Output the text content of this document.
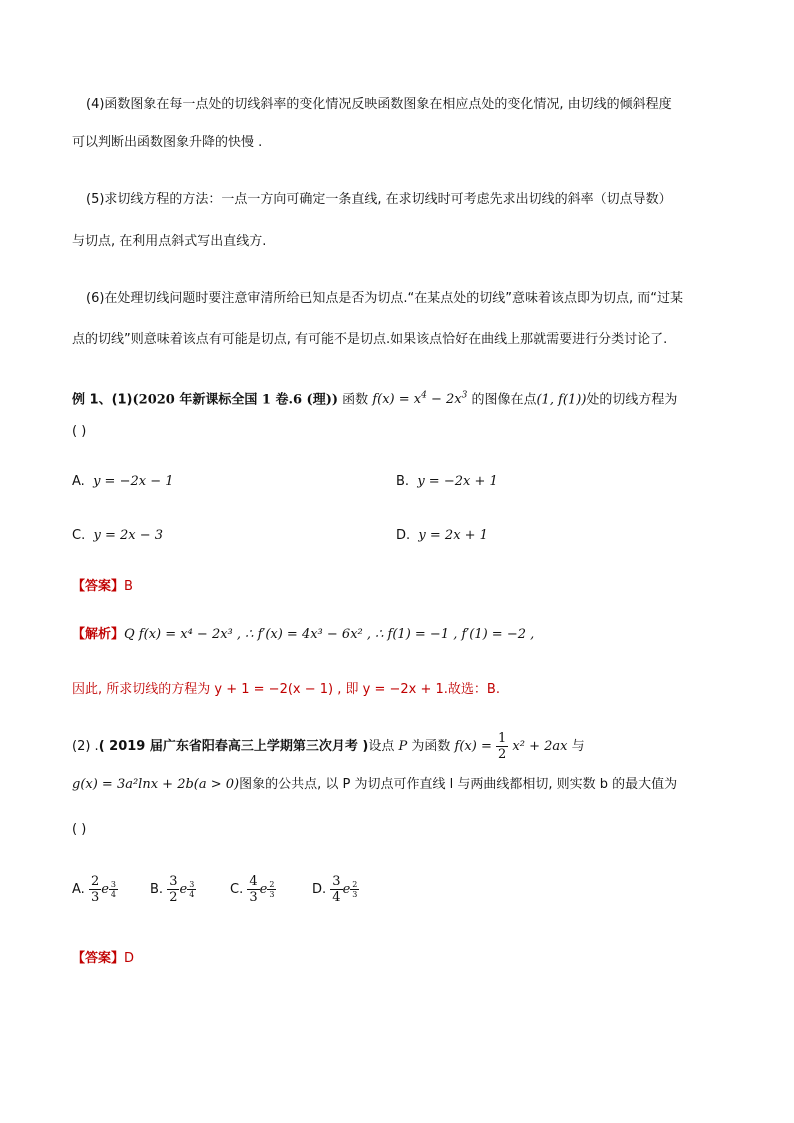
(4)函数图象在每一点处的切线斜率的变化情况反映函数图象在相应点处的变化情况, 由切线的倾斜程度
可以判断出函数图象升降的快慢 .
(5)求切线方程的方法：一点一方向可确定一条直线, 在求切线时可考虑先求出切线的斜率（切点导数）
与切点, 在利用点斜式写出直线方.
(6)在处理切线问题时要注意审清所给已知点是否为切点.“在某点处的切线”意味着该点即为切点, 而“过某
点的切线”则意味着该点有可能是切点, 有可能不是切点.如果该点恰好在曲线上那就需要进行分类讨论了.
例 1、(1)(2020 年新课标全国 1 卷.6 (理)) 函数 $f(x) = x^4 - 2x^3$ 的图像在点(1, f(1))处的切线方程为
( )
A. y = −2x − 1	B. y = −2x + 1
C. y = 2x − 3	D. y = 2x + 1
【答案】B
【解析】Q f(x) = x⁴ − 2x³ , ∴ f′(x) = 4x³ − 6x² , ∴ f(1) = −1 , f′(1) = −2 ,
因此, 所求切线的方程为 y + 1 = −2(x − 1) , 即 y = −2x + 1.故选：B.
(2) .( 2019 届广东省阳春高三上学期第三次月考 )设点 P 为函数 $f(x) = \frac{1}{2} x^2 + 2ax$ 与
g(x) = 3a²lnx + 2b(a > 0)图象的公共点, 以 P 为切点可作直线 l 与两曲线都相切, 则实数 b 的最大值为
( )
A. $\frac{2}{3}$ e $\frac{3}{4} B$. $\frac{3}{2}$ e $\frac{3}{4}$	C. $\frac{4}{3}$ e $\frac{2}{3}$	D. $\frac{3}{4}$ e $\frac{2}{3}$
【答案】D
